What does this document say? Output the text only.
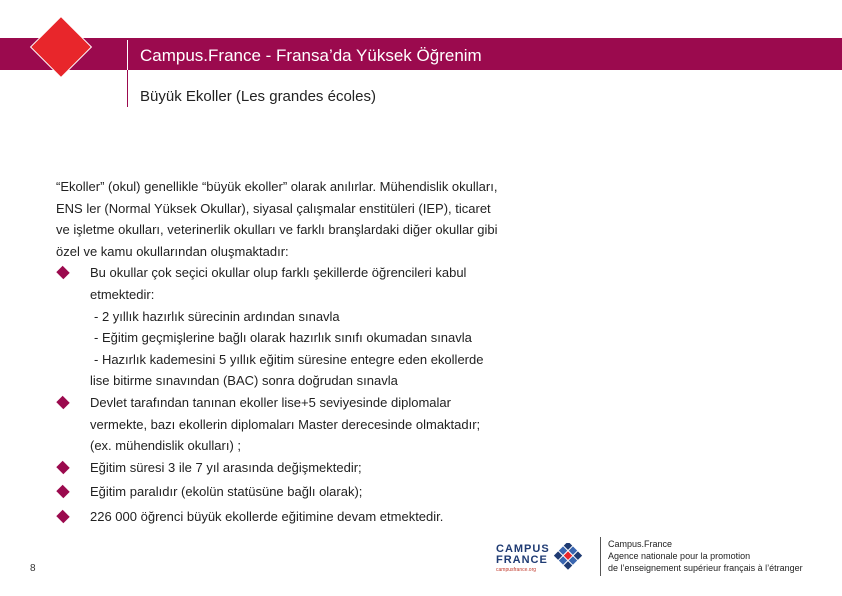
Campus.France - Fransa’da Yüksek Öğrenim
Büyük Ekoller (Les grandes écoles)

“Ekoller” (okul) genellikle “büyük ekoller” olarak anılırlar. Mühendislik okulları,

ENS ler (Normal Yüksek Okullar), siyasal çalışmalar enstitüleri (IEP), ticaret

ve işletme okulları, veterinerlik okulları ve farklı branşlardaki diğer okullar gibi

özel ve kamu okullarından oluşmaktadır:

Bu okullar çok seçici okullar olup farklı şekillerde öğrencileri kabul
etmektedir:
- 2 yıllık hazırlık sürecinin ardından sınavla
- Eğitim geçmişlerine bağlı olarak hazırlık sınıfı okumadan sınavla
- Hazırlık kademesini 5 yıllık eğitim süresine entegre eden ekollerde
lise bitirme sınavından (BAC) sonra doğrudan sınavla
Devlet tarafından tanınan ekoller lise+5 seviyesinde diplomalar
vermekte, bazı ekollerin diplomaları Master derecesinde olmaktadır;
(ex. mühendislik okulları) ;
Eğitim süresi 3 ile 7 yıl arasında değişmektedir;
Eğitim paralıdır (ekolün statüsüne bağlı olarak);
226 000 öğrenci büyük ekollerde eğitimine devam etmektedir.
8
CAMPUS
FRANCE
campusfrance.org
Campus.France
Agence nationale pour la promotion
de l’enseignement supérieur français à l’étranger
